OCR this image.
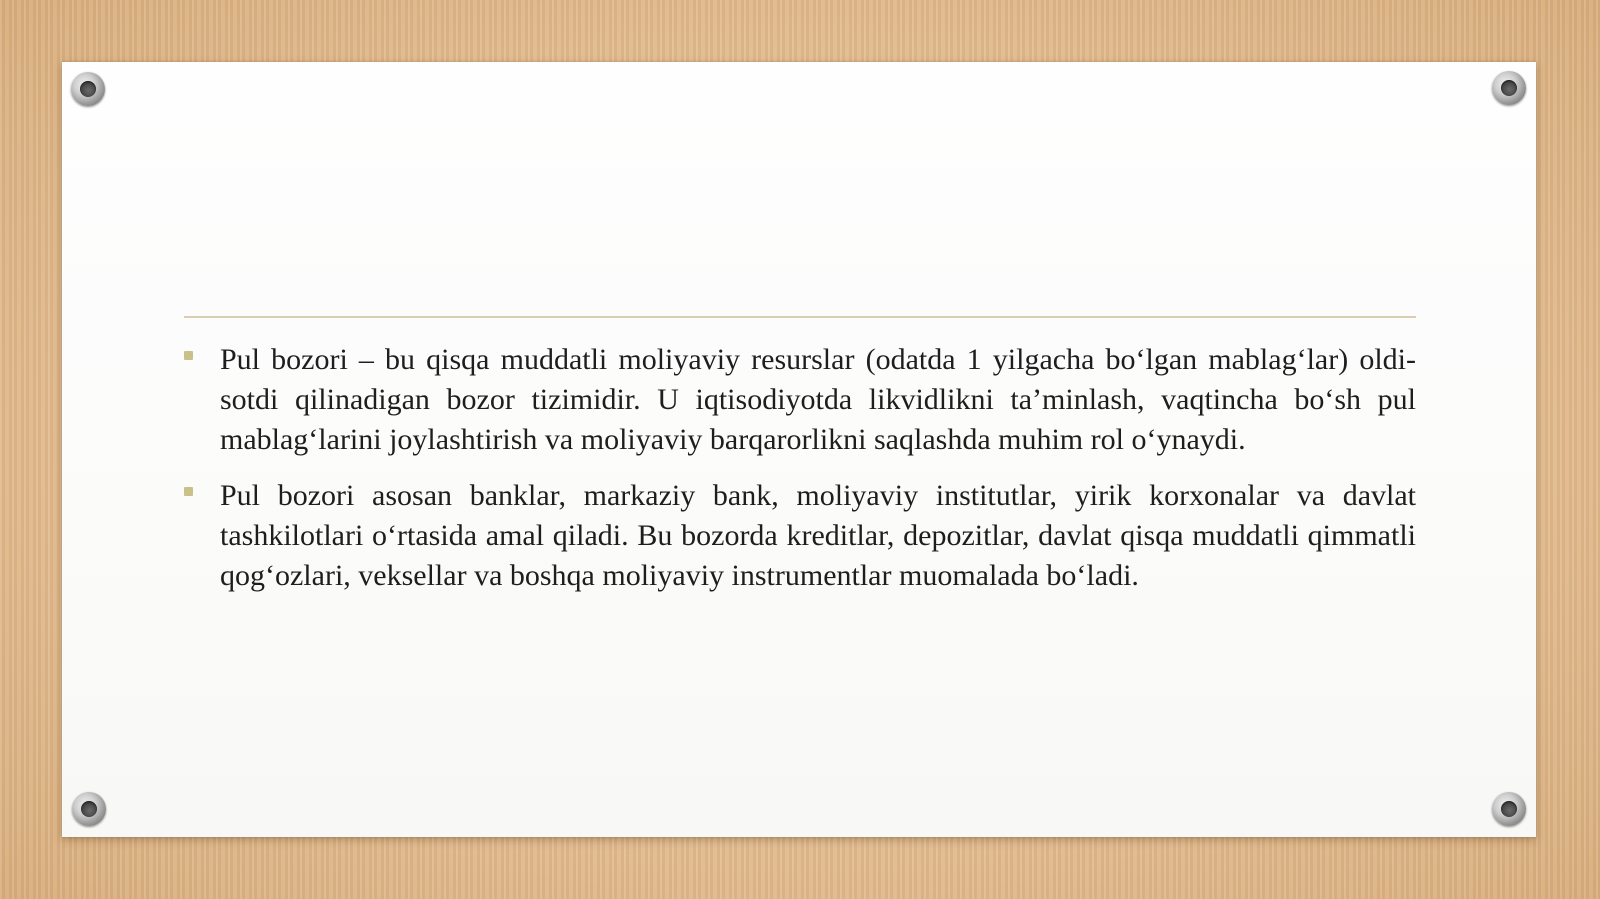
Pul bozori – bu qisqa muddatli moliyaviy resurslar (odatda 1 yilgacha bo‘lgan mablag‘lar) oldi-sotdi qilinadigan bozor tizimidir. U iqtisodiyotda likvidlikni ta’minlash, vaqtincha bo‘sh pul mablag‘larini joylashtirish va moliyaviy barqarorlikni saqlashda muhim rol o‘ynaydi.
Pul bozori asosan banklar, markaziy bank, moliyaviy institutlar, yirik korxonalar va davlat tashkilotlari o‘rtasida amal qiladi. Bu bozorda kreditlar, depozitlar, davlat qisqa muddatli qimmatli qog‘ozlari, veksellar va boshqa moliyaviy instrumentlar muomalada bo‘ladi.
